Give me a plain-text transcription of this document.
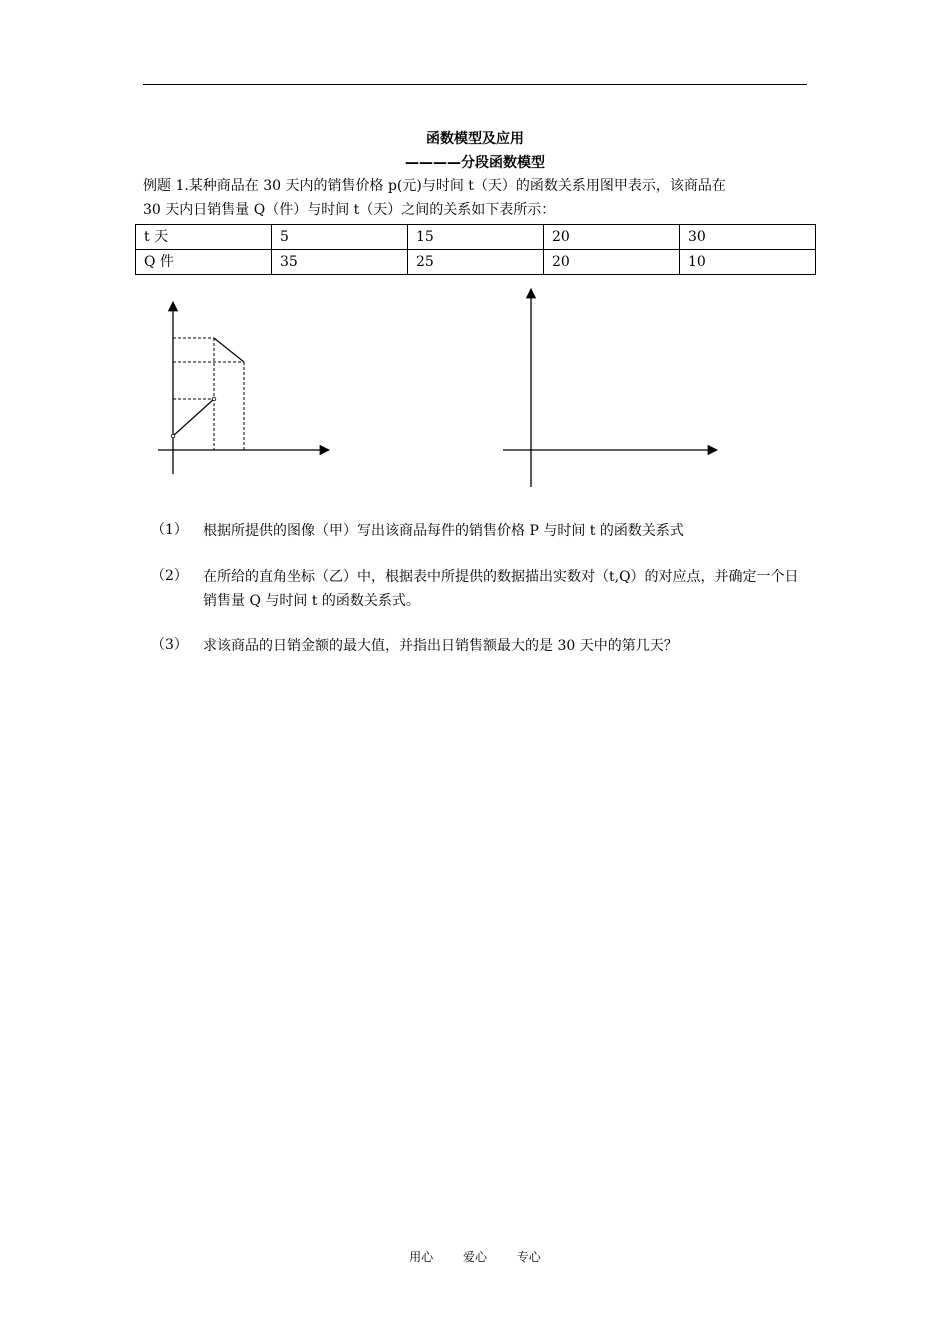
函数模型及应用
————分段函数模型
例题 1.某种商品在 30 天内的销售价格 p(元)与时间 t（天）的函数关系用图甲表示，该商品在
30 天内日销售量 Q（件）与时间 t（天）之间的关系如下表所示：
t 天	5	15	20	30
Q 件	35	25	20	10
（1） 根据所提供的图像（甲）写出该商品每件的销售价格 P 与时间 t 的函数关系式
（2） 在所给的直角坐标（乙）中，根据表中所提供的数据描出实数对（t,Q）的对应点，并确定一个日销售量 Q 与时间 t 的函数关系式。
（3） 求该商品的日销金额的最大值，并指出日销售额最大的是 30 天中的第几天？
用心 爱心 专心
